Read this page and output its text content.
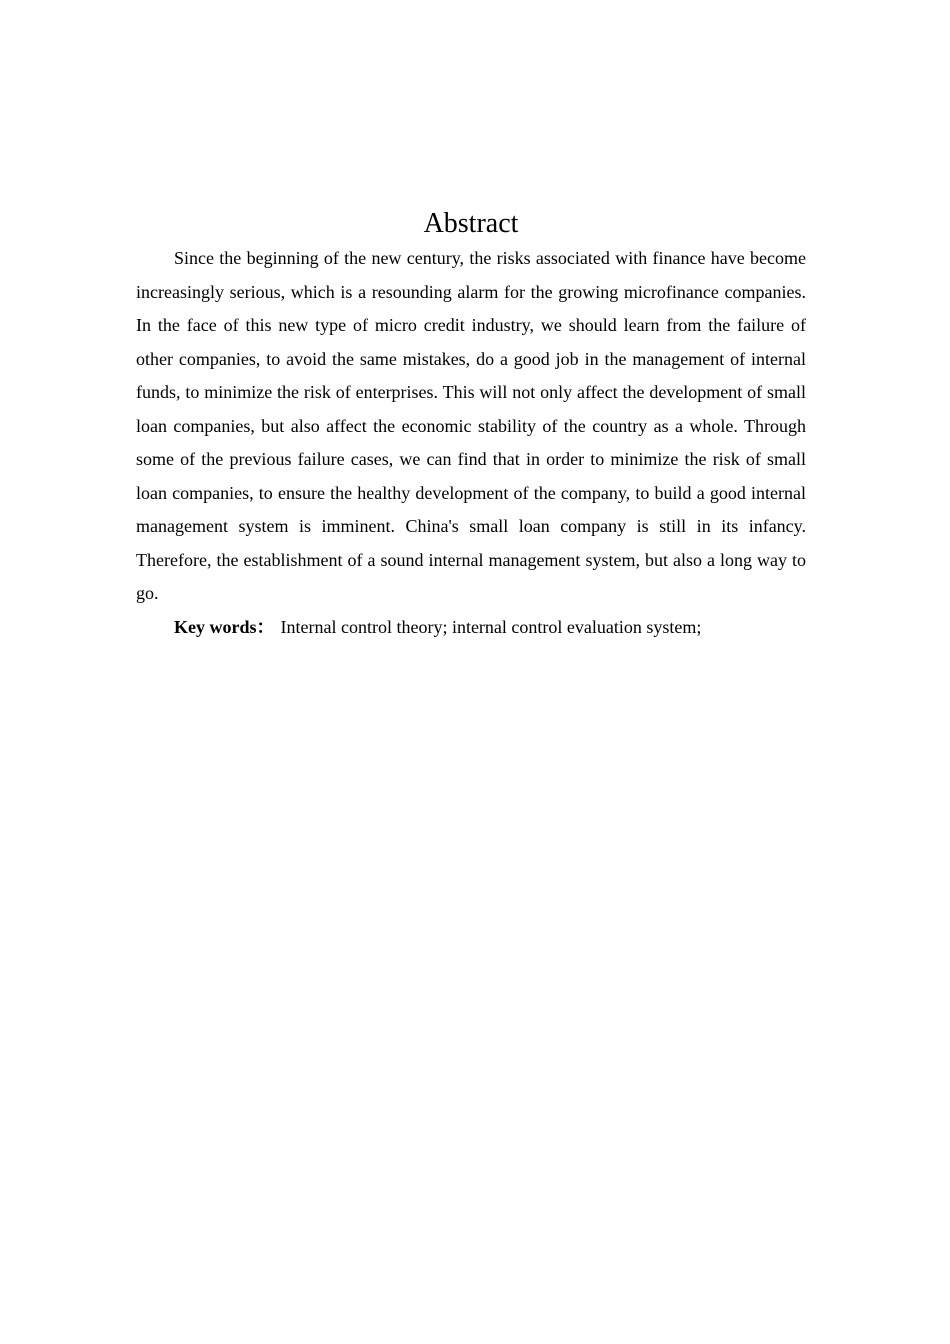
Abstract

Since the beginning of the new century, the risks associated with finance have become increasingly serious, which is a resounding alarm for the growing microfinance companies. In the face of this new type of micro credit industry, we should learn from the failure of other companies, to avoid the same mistakes, do a good job in the management of internal funds, to minimize the risk of enterprises. This will not only affect the development of small loan companies, but also affect the economic stability of the country as a whole. Through some of the previous failure cases, we can find that in order to minimize the risk of small loan companies, to ensure the healthy development of the company, to build a good internal management system is imminent. China's small loan company is still in its infancy. Therefore, the establishment of a sound internal management system, but also a long way to go.

Key words： Internal control theory; internal control evaluation system;
